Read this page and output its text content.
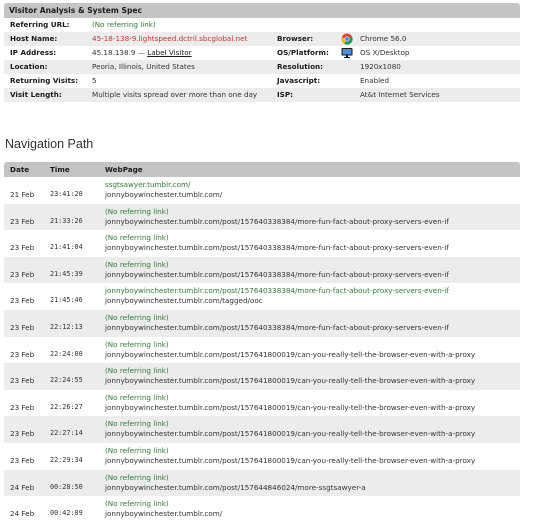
Visitor Analysis & System Spec
Referring URL:	(No referring link)
Host Name:	45-18-138-9.lightspeed.dctril.sbcglobal.net	Browser:	Chrome 56.0
IP Address:	45.18.138.9 — Label Visitor	OS/Platform:	OS X/Desktop
Location:	Peoria, Illinois, United States	Resolution:	1920x1080
Returning Visits: 5	Javascript:	Enabled
Visit Length:	Multiple visits spread over more than one day	ISP:	At&t Internet Services
Navigation Path
Date	Time	WebPage
21 Feb 23:41:20
ssgtsawyer.tumblr.com/
jonnyboywinchester.tumblr.com/
23 Feb 21:33:26
(No referring link)
jonnyboywinchester.tumblr.com/post/157640338384/more-fun-fact-about-proxy-servers-even-if
23 Feb 21:41:04
(No referring link)
jonnyboywinchester.tumblr.com/post/157640338384/more-fun-fact-about-proxy-servers-even-if
23 Feb 21:45:39
(No referring link)
jonnyboywinchester.tumblr.com/post/157640338384/more-fun-fact-about-proxy-servers-even-if
23 Feb 21:45:46
jonnyboywinchester.tumblr.com/post/157640338384/more-fun-fact-about-proxy-servers-even-if
jonnyboywinchester.tumblr.com/tagged/ooc
23 Feb 22:12:13
(No referring link)
jonnyboywinchester.tumblr.com/post/157640338384/more-fun-fact-about-proxy-servers-even-if
23 Feb 22:24:00
(No referring link)
jonnyboywinchester.tumblr.com/post/157641800019/can-you-really-tell-the-browser-even-with-a-proxy
23 Feb 22:24:55
(No referring link)
jonnyboywinchester.tumblr.com/post/157641800019/can-you-really-tell-the-browser-even-with-a-proxy
23 Feb 22:26:27
(No referring link)
jonnyboywinchester.tumblr.com/post/157641800019/can-you-really-tell-the-browser-even-with-a-proxy
23 Feb 22:27:14
(No referring link)
jonnyboywinchester.tumblr.com/post/157641800019/can-you-really-tell-the-browser-even-with-a-proxy
23 Feb 22:29:34
(No referring link)
jonnyboywinchester.tumblr.com/post/157641800019/can-you-really-tell-the-browser-even-with-a-proxy
24 Feb 00:28:50
(No referring link)
jonnyboywinchester.tumblr.com/post/157644846024/more-ssgtsawyer-a
24 Feb 00:42:09
(No referring link)
jonnyboywinchester.tumblr.com/
